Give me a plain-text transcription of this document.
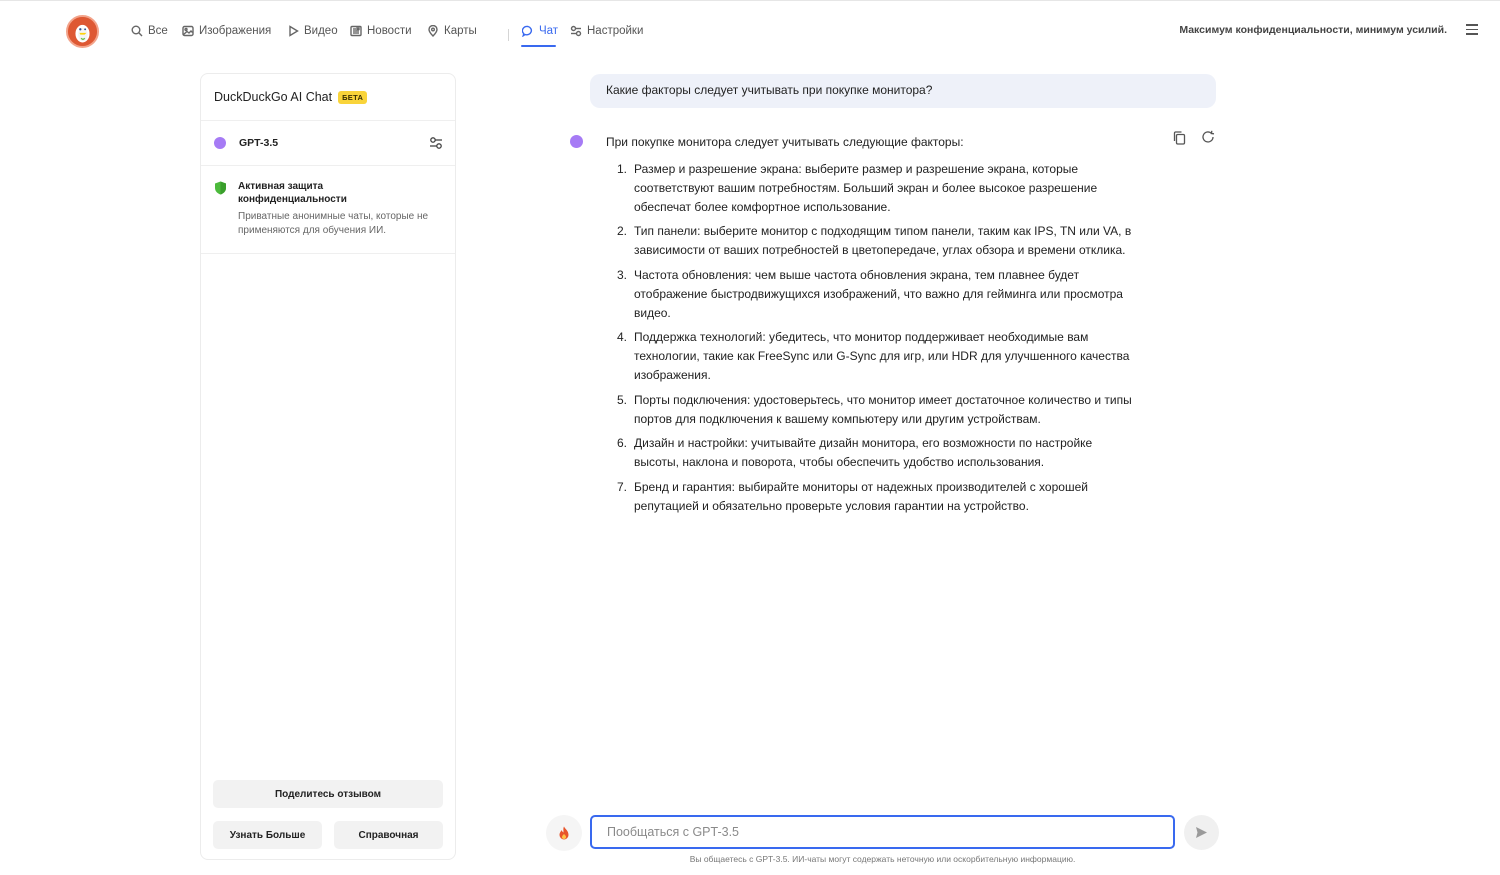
Все	Изображения	Видео	Новости	Карты	Чат	Настройки	Максимум конфиденциальности, минимум усилий.
DuckDuckGo AI Chat	БЕТА
GPT-3.5
Активная защита конфиденциальности
Приватные анонимные чаты, которые не применяются для обучения ИИ.
Поделитесь отзывом
Узнать Больше	Справочная
Какие факторы следует учитывать при покупке монитора?
При покупке монитора следует учитывать следующие факторы:
1. Размер и разрешение экрана: выберите размер и разрешение экрана, которые соответствуют вашим потребностям. Больший экран и более высокое разрешение обеспечат более комфортное использование.
2. Тип панели: выберите монитор с подходящим типом панели, таким как IPS, TN или VA, в зависимости от ваших потребностей в цветопередаче, углах обзора и времени отклика.
3. Частота обновления: чем выше частота обновления экрана, тем плавнее будет отображение быстродвижущихся изображений, что важно для гейминга или просмотра видео.
4. Поддержка технологий: убедитесь, что монитор поддерживает необходимые вам технологии, такие как FreeSync или G-Sync для игр, или HDR для улучшенного качества изображения.
5. Порты подключения: удостоверьтесь, что монитор имеет достаточное количество и типы портов для подключения к вашему компьютеру или другим устройствам.
6. Дизайн и настройки: учитывайте дизайн монитора, его возможности по настройке высоты, наклона и поворота, чтобы обеспечить удобство использования.
7. Бренд и гарантия: выбирайте мониторы от надежных производителей с хорошей репутацией и обязательно проверьте условия гарантии на устройство.
Пообщаться с GPT-3.5
Вы общаетесь с GPT-3.5. ИИ-чаты могут содержать неточную или оскорбительную информацию.
